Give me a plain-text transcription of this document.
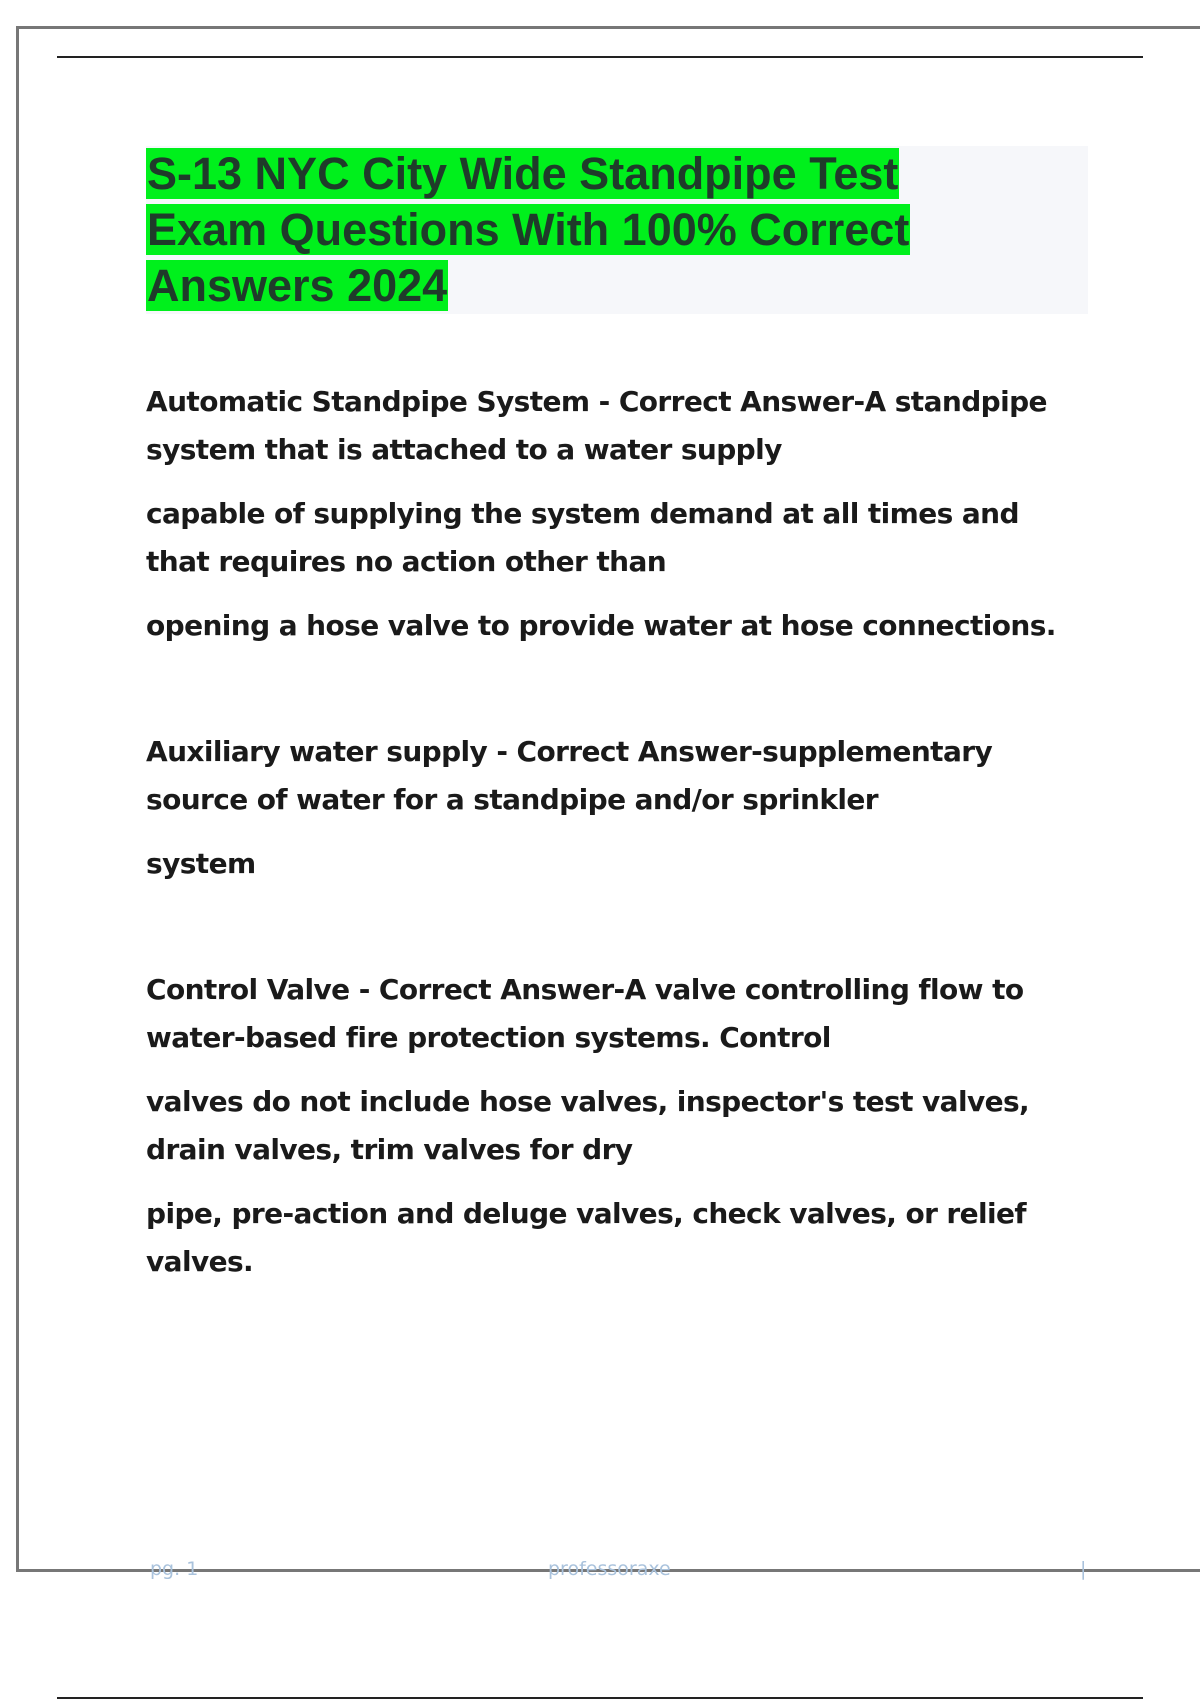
S-13 NYC City Wide Standpipe Test Exam Questions With 100% Correct Answers 2024

Automatic Standpipe System - Correct Answer-A standpipe system that is attached to a water supply

capable of supplying the system demand at all times and that requires no action other than

opening a hose valve to provide water at hose connections.

Auxiliary water supply - Correct Answer-supplementary source of water for a standpipe and/or sprinkler

system

Control Valve - Correct Answer-A valve controlling flow to water-based fire protection systems. Control

valves do not include hose valves, inspector's test valves, drain valves, trim valves for dry

pipe, pre-action and deluge valves, check valves, or relief valves.

pg. 1	professoraxe	|
